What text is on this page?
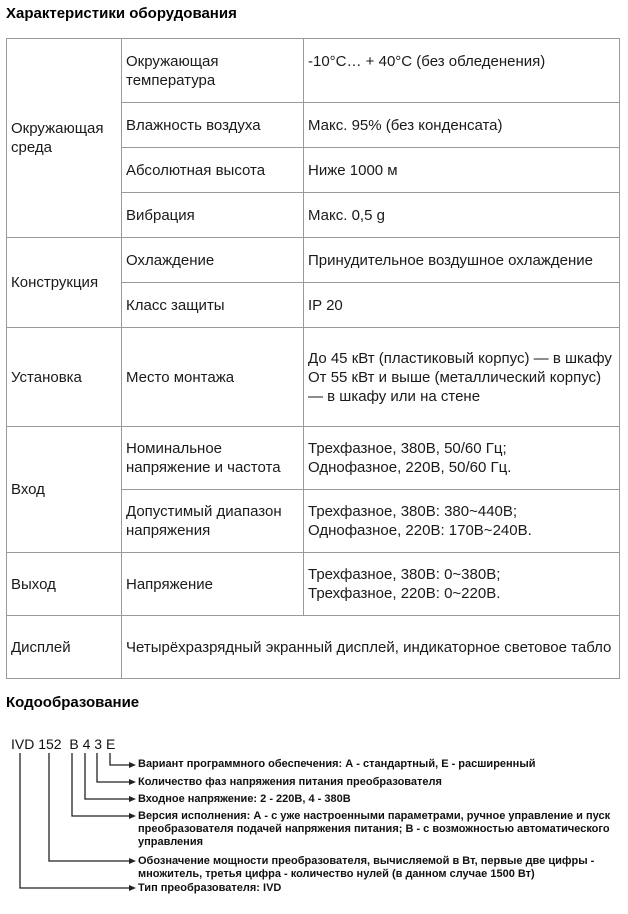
Характеристики оборудования
Окружающая среда	Окружающая температура	-10°C… + 40°C (без обледенения)
	Влажность воздуха	Макс. 95% (без конденсата)
	Абсолютная высота	Ниже 1000 м
	Вибрация	Макс. 0,5 g
Конструкция	Охлаждение	Принудительное воздушное охлаждение
	Класс защиты	IP 20
Установка	Место монтажа	До 45 кВт (пластиковый корпус) — в шкафу
От 55 кВт и выше (металлический корпус) — в шкафу или на стене

Вход	Номинальное напряжение и частота	Трехфазное, 380В, 50/60 Гц;
Однофазное, 220В, 50/60 Гц.

	Допустимый диапазон напряжения	Трехфазное, 380В: 380~440В;
Однофазное, 220В: 170В~240В.

Выход	Напряжение	Трехфазное, 380В: 0~380В;
Трехфазное, 220В: 0~220В.

Дисплей	Четырёхразрядный экранный дисплей, индикаторное световое табло	
Кодообразование
IVD 152  B 4 3 E
Вариант программного обеспечения: А - стандартный, Е - расширенный
Количество фаз напряжения питания преобразователя
Входное напряжение: 2 - 220В, 4 - 380В
Версия исполнения: А - с уже настроенными параметрами, ручное управление и пуск преобразователя подачей напряжения питания; В - с возможностью автоматического управления
Обозначение мощности преобразователя, вычисляемой в Вт, первые две цифры - множитель, третья цифра - количество нулей (в данном случае 1500 Вт)
Тип преобразователя: IVD
